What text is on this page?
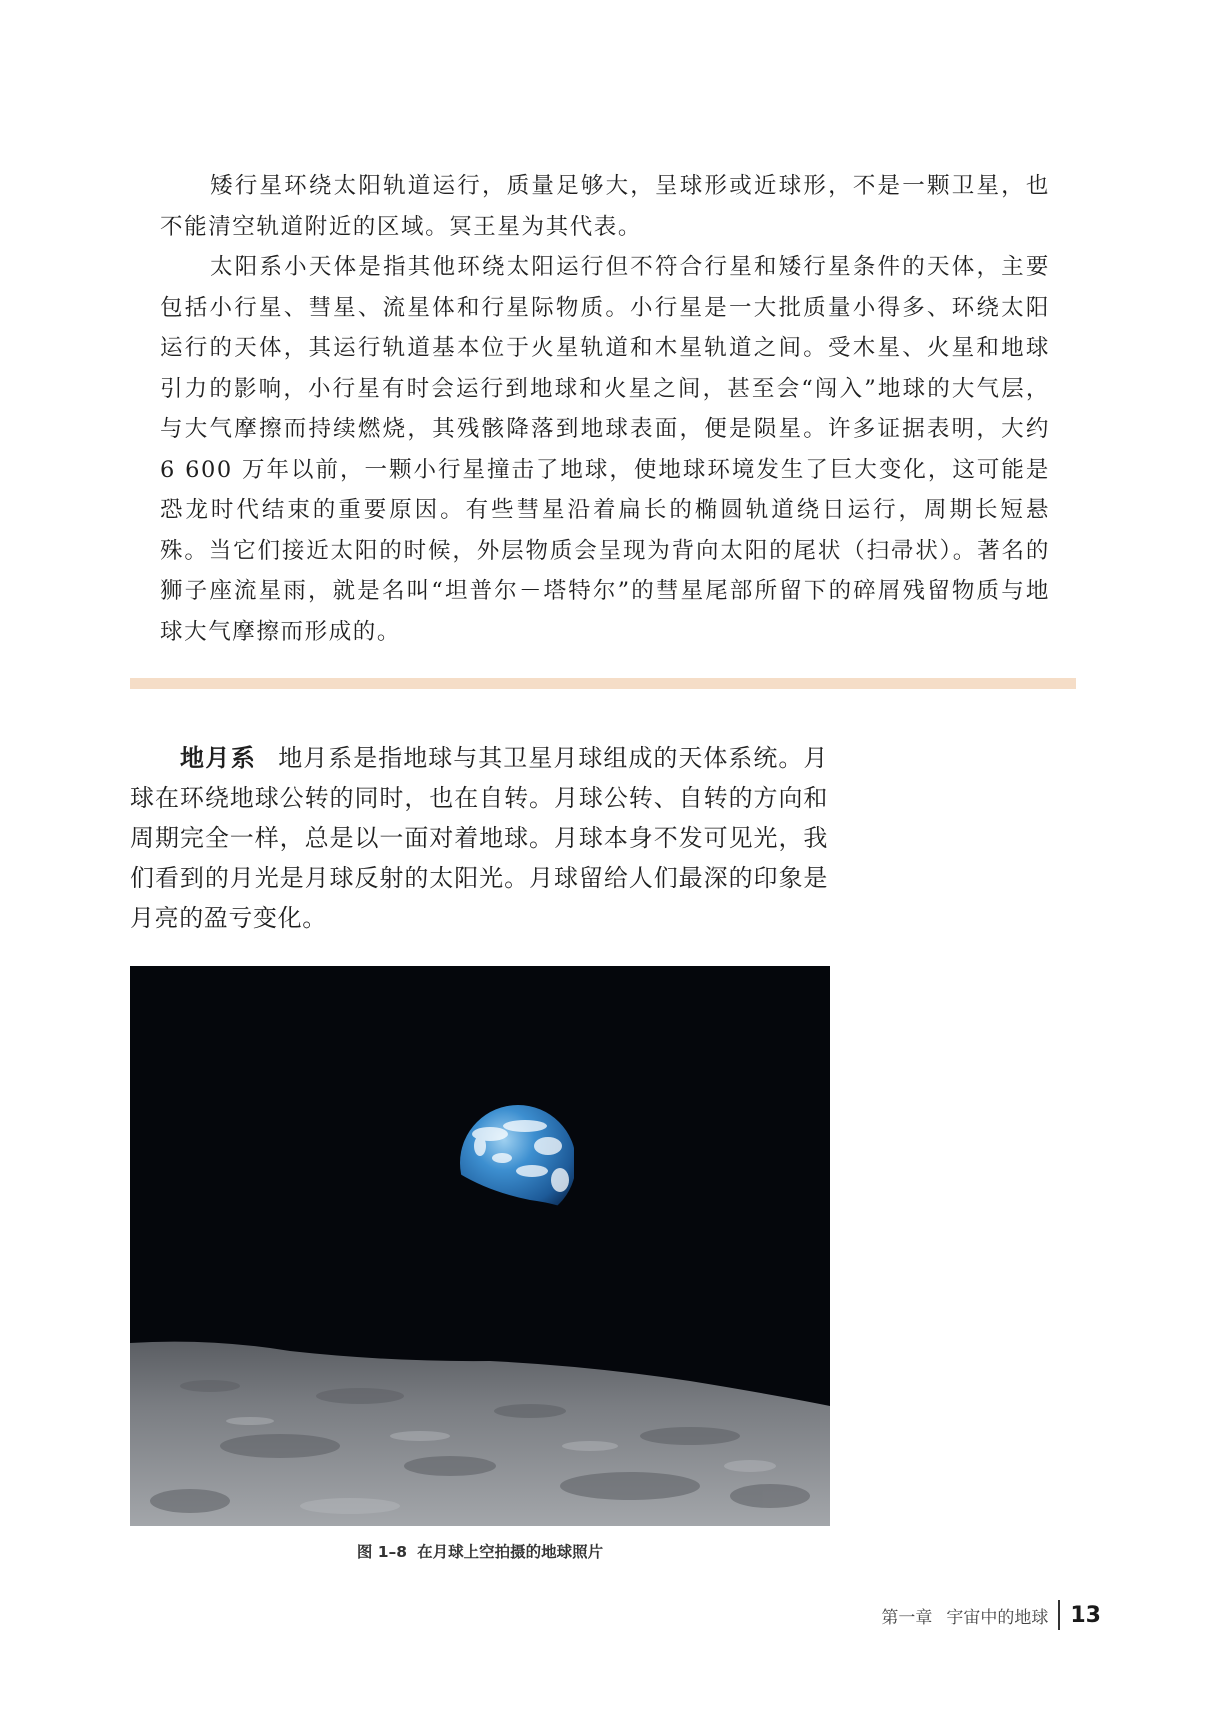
矮行星环绕太阳轨道运行，质量足够大，呈球形或近球形，不是一颗卫星，也不能清空轨道附近的区域。冥王星为其代表。

太阳系小天体是指其他环绕太阳运行但不符合行星和矮行星条件的天体，主要包括小行星、彗星、流星体和行星际物质。小行星是一大批质量小得多、环绕太阳运行的天体，其运行轨道基本位于火星轨道和木星轨道之间。受木星、火星和地球引力的影响，小行星有时会运行到地球和火星之间，甚至会“闯入”地球的大气层，与大气摩擦而持续燃烧，其残骸降落到地球表面，便是陨星。许多证据表明，大约 6 600 万年以前，一颗小行星撞击了地球，使地球环境发生了巨大变化，这可能是恐龙时代结束的重要原因。有些彗星沿着扁长的椭圆轨道绕日运行，周期长短悬殊。当它们接近太阳的时候，外层物质会呈现为背向太阳的尾状（扫帚状）。著名的狮子座流星雨，就是名叫“坦普尔－塔特尔”的彗星尾部所留下的碎屑残留物质与地球大气摩擦而形成的。

地月系 地月系是指地球与其卫星月球组成的天体系统。月球在环绕地球公转的同时，也在自转。月球公转、自转的方向和周期完全一样，总是以一面对着地球。月球本身不发可见光，我们看到的月光是月球反射的太阳光。月球留给人们最深的印象是月亮的盈亏变化。

图 1–8 在月球上空拍摄的地球照片
第一章 宇宙中的地球 13
